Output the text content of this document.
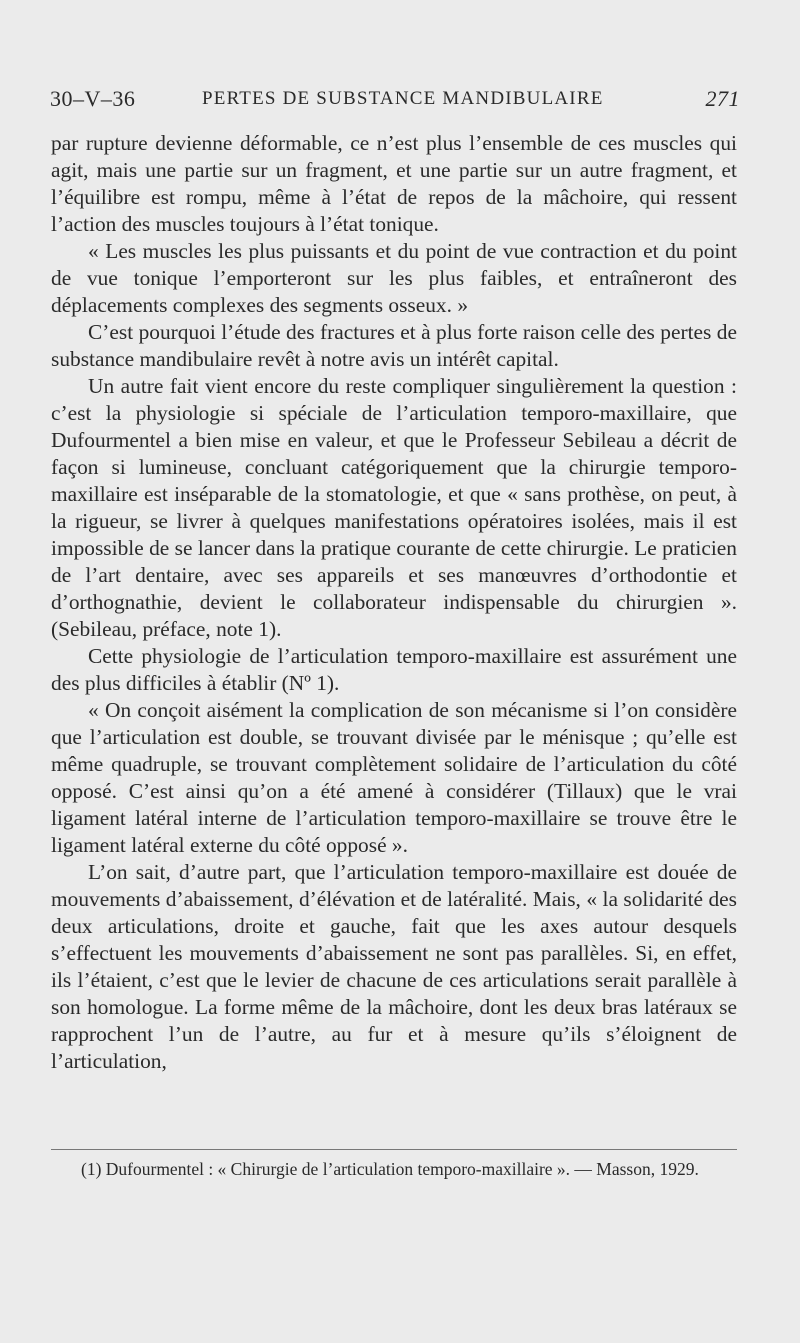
30–V–36	PERTES DE SUBSTANCE MANDIBULAIRE	271

par rupture devienne déformable, ce n’est plus l’ensemble de ces muscles qui agit, mais une partie sur un fragment, et une partie sur un autre fragment, et l’équilibre est rompu, même à l’état de repos de la mâchoire, qui ressent l’action des muscles toujours à l’état tonique.

« Les muscles les plus puissants et du point de vue contraction et du point de vue tonique l’emporteront sur les plus faibles, et entraîneront des déplacements complexes des segments osseux. »

C’est pourquoi l’étude des fractures et à plus forte raison celle des pertes de substance mandibulaire revêt à notre avis un intérêt capital.

Un autre fait vient encore du reste compliquer singulièrement la question : c’est la physiologie si spéciale de l’articulation temporo-maxillaire, que Dufourmentel a bien mise en valeur, et que le Professeur Sebileau a décrit de façon si lumineuse, concluant catégoriquement que la chirurgie temporo-maxillaire est inséparable de la stomatologie, et que « sans prothèse, on peut, à la rigueur, se livrer à quelques manifestations opératoires isolées, mais il est impossible de se lancer dans la pratique courante de cette chirurgie. Le praticien de l’art dentaire, avec ses appareils et ses manœuvres d’orthodontie et d’orthognathie, devient le collaborateur indispensable du chirurgien ». (Sebileau, préface, note 1).

Cette physiologie de l’articulation temporo-maxillaire est assurément une des plus difficiles à établir (Nº 1).

« On conçoit aisément la complication de son mécanisme si l’on considère que l’articulation est double, se trouvant divisée par le ménisque ; qu’elle est même quadruple, se trouvant complètement solidaire de l’articulation du côté opposé. C’est ainsi qu’on a été amené à considérer (Tillaux) que le vrai ligament latéral interne de l’articulation temporo-maxillaire se trouve être le ligament latéral externe du côté opposé ».

L’on sait, d’autre part, que l’articulation temporo-maxillaire est douée de mouvements d’abaissement, d’élévation et de latéralité. Mais, « la solidarité des deux articulations, droite et gauche, fait que les axes autour desquels s’effectuent les mouvements d’abaissement ne sont pas parallèles. Si, en effet, ils l’étaient, c’est que le levier de chacune de ces articulations serait parallèle à son homologue. La forme même de la mâchoire, dont les deux bras latéraux se rapprochent l’un de l’autre, au fur et à mesure qu’ils s’éloignent de l’articulation,

(1) Dufourmentel : « Chirurgie de l’articulation temporo-maxillaire ». — Masson, 1929.
